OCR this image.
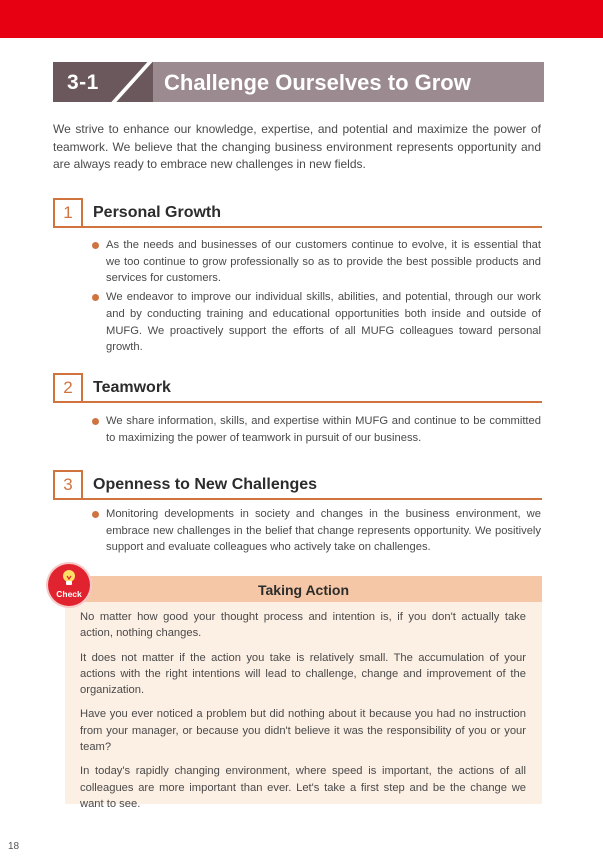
3-1	Challenge Ourselves to Grow

We strive to enhance our knowledge, expertise, and potential and maximize the power of teamwork. We believe that the changing business environment represents opportunity and are always ready to embrace new challenges in new fields.

1	Personal Growth
As the needs and businesses of our customers continue to evolve, it is essential that we too continue to grow professionally so as to provide the best possible products and services for customers.
We endeavor to improve our individual skills, abilities, and potential, through our work and by conducting training and educational opportunities both inside and outside of MUFG. We proactively support the efforts of all MUFG colleagues toward personal growth.
2	Teamwork
We share information, skills, and expertise within MUFG and continue to be committed to maximizing the power of teamwork in pursuit of our business.
3	Openness to New Challenges
Monitoring developments in society and changes in the business environment, we embrace new challenges in the belief that change represents opportunity. We positively support and evaluate colleagues who actively take on challenges.
Taking Action

No matter how good your thought process and intention is, if you don't actually take action, nothing changes.

It does not matter if the action you take is relatively small. The accumulation of your actions with the right intentions will lead to challenge, change and improvement of the organization.

Have you ever noticed a problem but did nothing about it because you had no instruction from your manager, or because you didn't believe it was the responsibility of you or your team?

In today's rapidly changing environment, where speed is important, the actions of all colleagues are more important than ever. Let's take a first step and be the change we want to see.

Check
18
